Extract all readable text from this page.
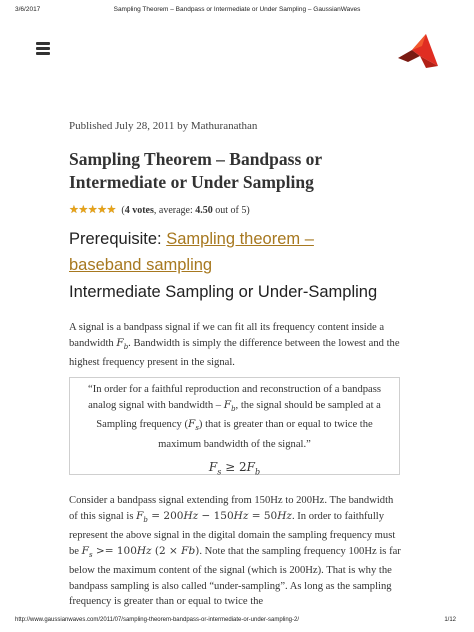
3/6/2017	Sampling Theorem – Bandpass or Intermediate or Under Sampling – GaussianWaves
Published July 28, 2011 by Mathuranathan
Sampling Theorem – Bandpass or Intermediate or Under Sampling
★ ★ ★ ★ ★ (4 votes, average: 4.50 out of 5)
Prerequisite: Sampling theorem – baseband sampling
Intermediate Sampling or Under-Sampling

A signal is a bandpass signal if we can fit all its frequency content inside a bandwidth $F_b$. Bandwidth is simply the difference between the lowest and the highest frequency present in the signal.

“In order for a faithful reproduction and reconstruction of a bandpass analog signal with bandwidth – $F_b$, the signal should be sampled at a Sampling frequency $(F_s)$ that is greater than or equal to twice the maximum bandwidth of the signal.”
$F_s \ge 2F_b$

Consider a bandpass signal extending from 150Hz to 200Hz. The bandwidth of this signal is $F_b = 200Hz - 150Hz = 50Hz$. In order to faithfully represent the above signal in the digital domain the sampling frequency must be $F_s >= 100Hz$ (2 × Fb). Note that the sampling frequency 100Hz is far below the maximum content of the signal (which is 200Hz). That is why the bandpass sampling is also called “under-sampling”. As long as the sampling frequency is greater than or equal to twice the

http://www.gaussianwaves.com/2011/07/sampling-theorem-bandpass-or-intermediate-or-under-sampling-2/	1/12
